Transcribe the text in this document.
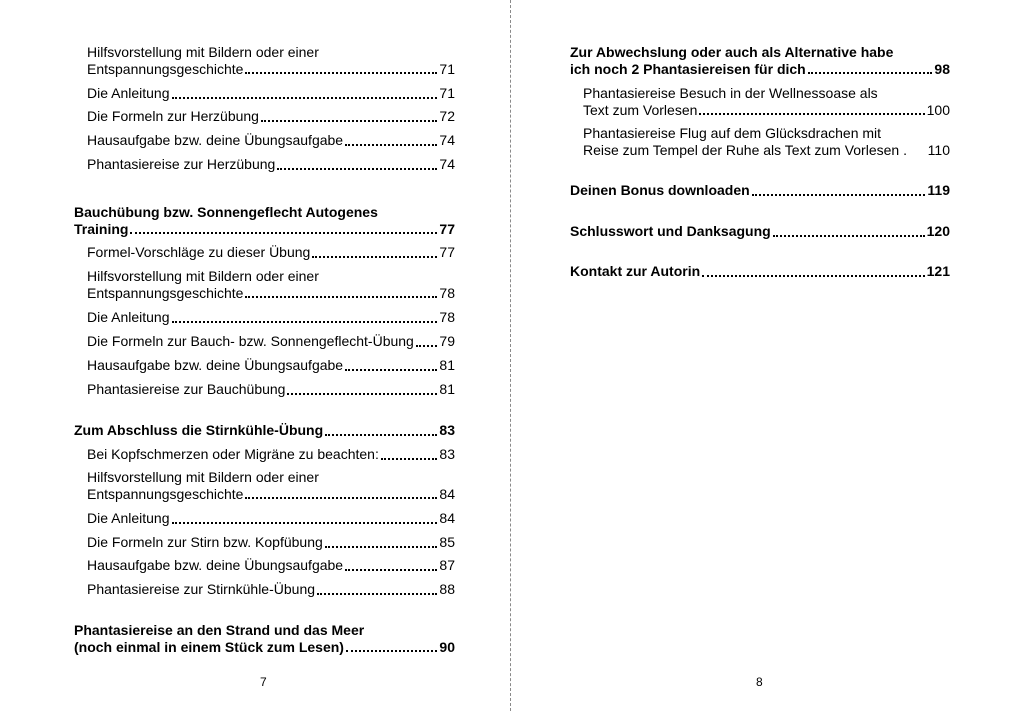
Hilfsvorstellung mit Bildern oder einer
Entspannungsgeschichte	71
Die Anleitung	71
Die Formeln zur Herzübung	72
Hausaufgabe bzw. deine Übungsaufgabe	74
Phantasiereise zur Herzübung	74
Bauchübung bzw. Sonnengeflecht Autogenes
Training	77
Formel-Vorschläge zu dieser Übung	77
Hilfsvorstellung mit Bildern oder einer
Entspannungsgeschichte	78
Die Anleitung	78
Die Formeln zur Bauch- bzw. Sonnengeflecht-Übung 79
Hausaufgabe bzw. deine Übungsaufgabe	81
Phantasiereise zur Bauchübung	81
Zum Abschluss die Stirnkühle-Übung	83
Bei Kopfschmerzen oder Migräne zu beachten:	83
Hilfsvorstellung mit Bildern oder einer
Entspannungsgeschichte	84
Die Anleitung	84
Die Formeln zur Stirn bzw. Kopfübung	85
Hausaufgabe bzw. deine Übungsaufgabe	87
Phantasiereise zur Stirnkühle-Übung	88
Phantasiereise an den Strand und das Meer
(noch einmal in einem Stück zum Lesen)	90
7
Zur Abwechslung oder auch als Alternative habe
ich noch 2 Phantasiereisen für dich	98
Phantasiereise Besuch in der Wellnessoase als
Text zum Vorlesen	100
Phantasiereise Flug auf dem Glücksdrachen mit
Reise zum Tempel der Ruhe als Text zum Vorlesen . 110
Deinen Bonus downloaden	119
Schlusswort und Danksagung	120
Kontakt zur Autorin	121
8
